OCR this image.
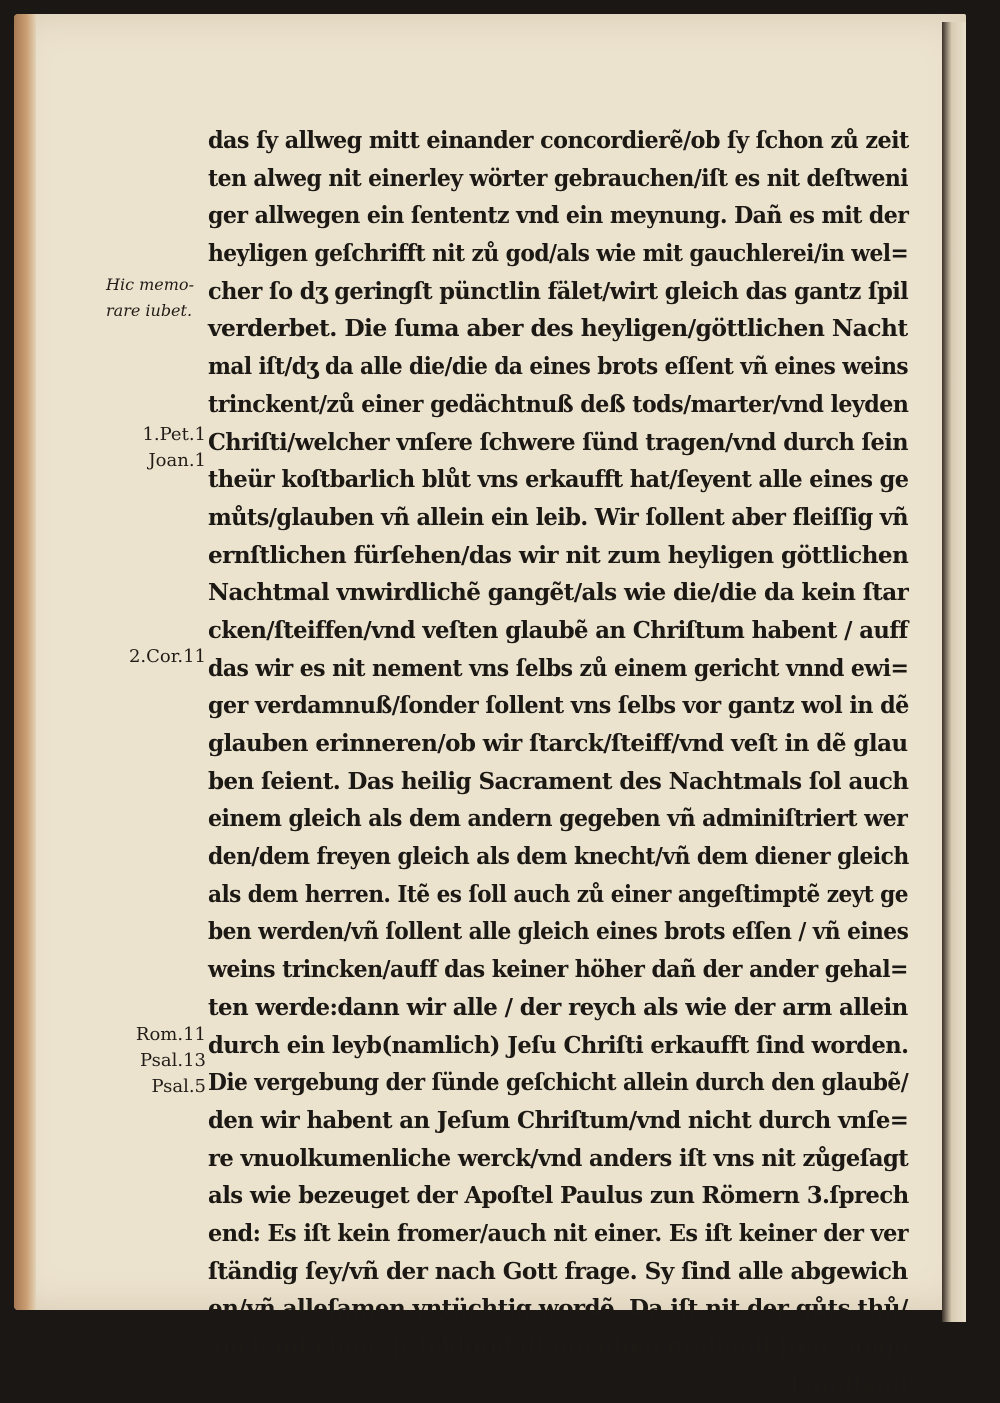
Hic memo-
rare iubet.
1.Pet.1
Joan.1
2.Cor.11
Rom.11
Psal.13
Psal.5
das ſy allweg mitt einander concordierẽ/ob ſy ſchon zů zeit
ten alweg nit einerley wörter gebrauchen/iſt es nit deſtweni
ger allwegen ein ſententz vnd ein meynung. Dañ es mit der
heyligen geſchrifft nit zů god/als wie mit gauchlerei/in wel=
cher ſo dʒ geringſt pünctlin fälet/wirt gleich das gantz ſpil
verderbet. Die ſuma aber des heyligen/göttlichen Nacht
mal iſt/dʒ da alle die/die da eines brots eſſent vñ eines weins
trinckent/zů einer gedächtnuß deß tods/marter/vnd leyden
Chriſti/welcher vnſere ſchwere ſünd tragen/vnd durch ſein
theür koſtbarlich blůt vns erkaufft hat/ſeyent alle eines ge
můts/glauben vñ allein ein leib. Wir ſollent aber fleiſſig vñ
ernſtlichen fürſehen/das wir nit zum heyligen göttlichen
Nachtmal vnwirdlichẽ gangẽt/als wie die/die da kein ſtar
cken/ſteiffen/vnd veſten glaubẽ an Chriſtum habent / auff
das wir es nit nement vns ſelbs zů einem gericht vnnd ewi=
ger verdamnuß/ſonder ſollent vns ſelbs vor gantz wol in dẽ
glauben erinneren/ob wir ſtarck/ſteiff/vnd veſt in dẽ glau
ben ſeient. Das heilig Sacrament des Nachtmals ſol auch
einem gleich als dem andern gegeben vñ adminiſtriert wer
den/dem freyen gleich als dem knecht/vñ dem diener gleich
als dem herren. Itẽ es ſoll auch zů einer angeſtimptẽ zeyt ge
ben werden/vñ ſollent alle gleich eines brots eſſen / vñ eines
weins trincken/auff das keiner höher dañ der ander gehal=
ten werde:dann wir alle / der reych als wie der arm allein
durch ein leyb(namlich) Jeſu Chriſti erkaufft ſind worden.
Die vergebung der ſünde geſchicht allein durch den glaubẽ/
den wir habent an Jeſum Chriſtum/vnd nicht durch vnſe=
re vnuolkumenliche werck/vnd anders iſt vns nit zůgeſagt
als wie bezeuget der Apoſtel Paulus zun Römern 3.ſprech
end: Es iſt kein fromer/auch nit einer. Es iſt keiner der ver
ſtändig ſey/vñ der nach Gott frage. Sy ſind alle abgewich
en/vñ alleſamen vntüchtig wordẽ. Da iſt nit der gůts thů/
auch nit einer. Jr ſchlund iſt ein offen grab/mit jren zungẽ
handlend
